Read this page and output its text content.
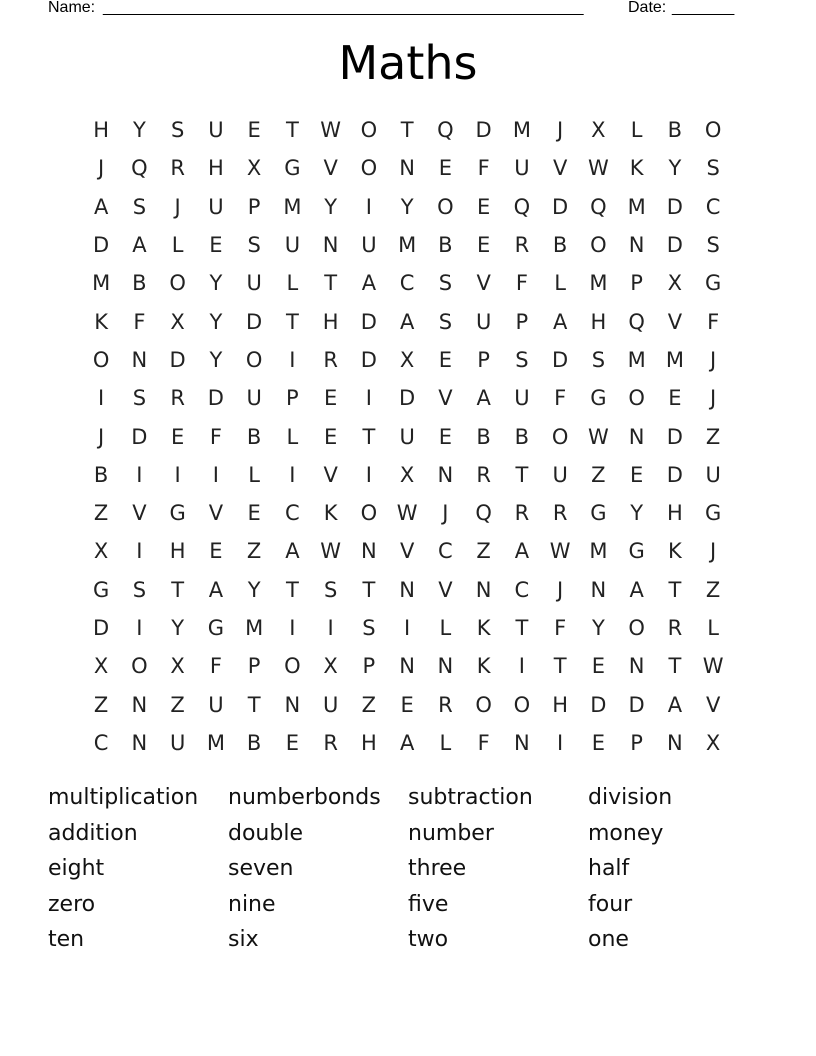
Name: ______________________________________________________	Date: _______
Maths
H	Y	S	U	E	T	W O	T	Q	D	M	J	X	L	B	O
J	Q	R	H	X	G	V	O	N	E	F	U	V W K	Y	S
A	S	J	U	P	M	Y	I	Y	O	E	Q	D	Q M	D	C
D	A	L	E	S	U	N	U	M	B	E	R	B	O	N	D	S
M	B	O	Y	U	L	T	A	C	S	V	F	L	M	P	X	G
K	F	X	Y	D	T	H	D	A	S	U	P	A	H	Q	V	F
O	N	D	Y	O	I	R	D	X	E	P	S	D	S	M M	J
I	S	R	D	U	P	E	I	D	V	A	U	F	G	O	E	J
J	D	E	F	B	L	E	T	U	E	B	B	O W N	D	Z
B	I	I	I	L	I	V	I	X	N	R	T	U	Z	E	D	U
Z	V	G	V	E	C	K	O W	J	Q	R	R	G	Y	H	G
X	I	H	E	Z	A W N	V	C	Z	A W M	G	K	J
G	S	T	A	Y	T	S	T	N	V	N	C	J	N	A	T	Z
D	I	Y	G	M	I	I	S	I	L	K	T	F	Y	O	R	L
X	O	X	F	P	O	X	P	N	N	K	I	T	E	N	T	W
Z	N	Z	U	T	N	U	Z	E	R	O	O	H	D	D	A	V
C	N	U	M	B	E	R	H	A	L	F	N	I	E	P	N	X
multiplication	numberbonds	subtraction	division
addition	double	number	money
eight	seven	three	half
zero	nine	five	four
ten	six	two	one
